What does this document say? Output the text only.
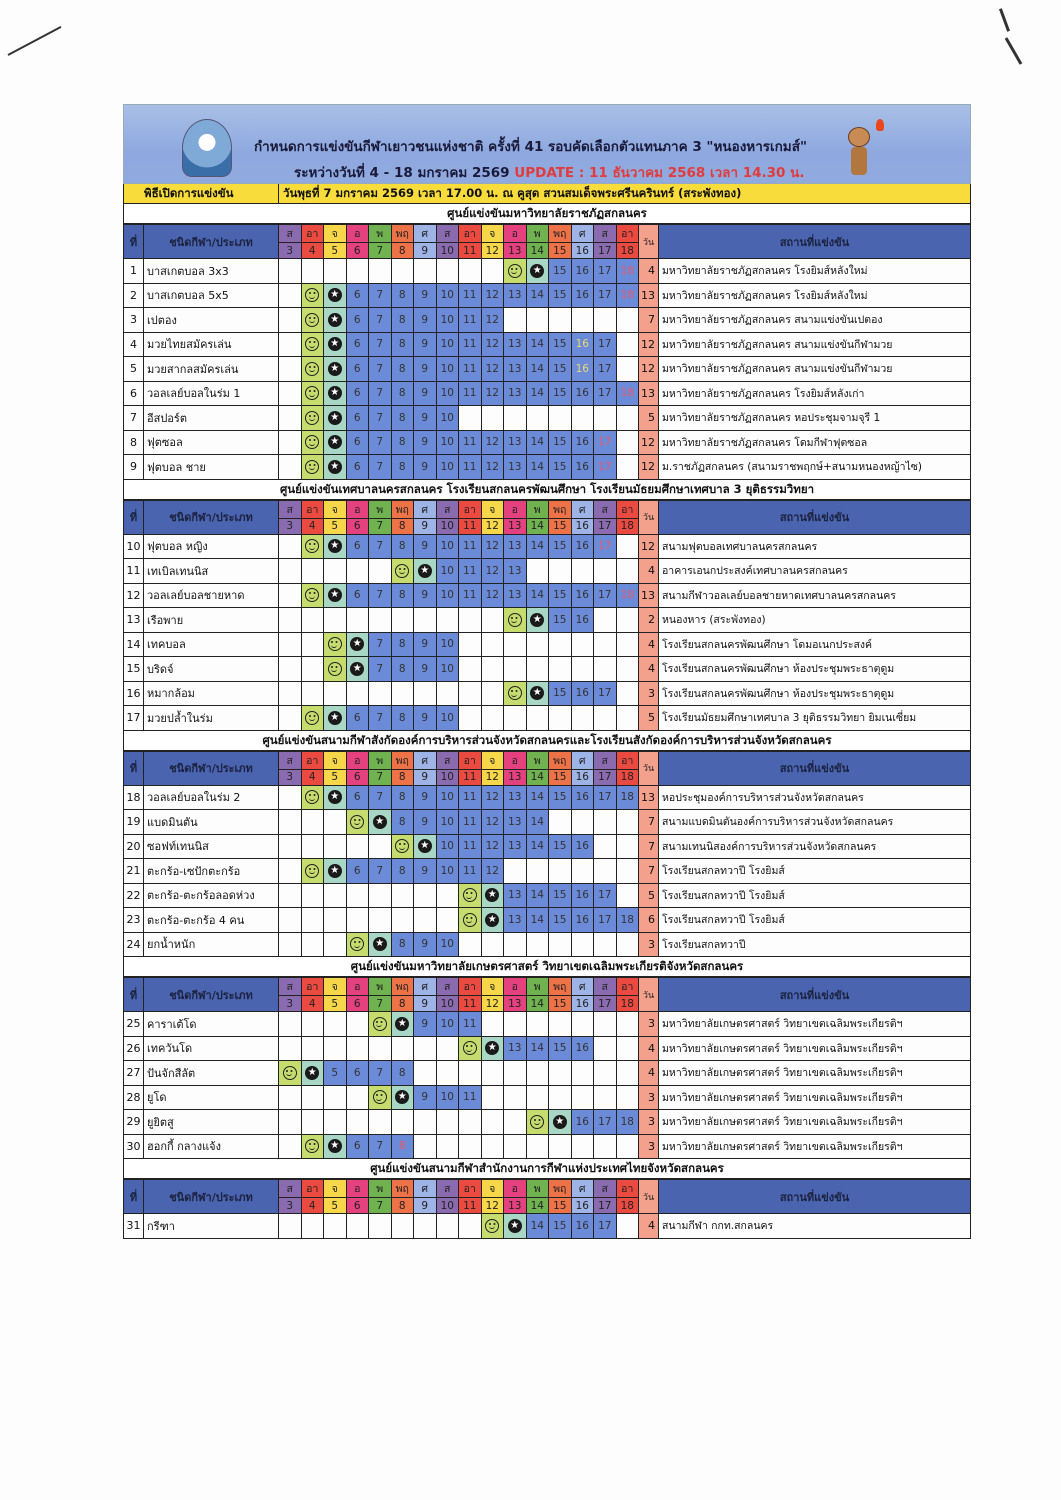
กำหนดการแข่งขันกีฬาเยาวชนแห่งชาติ ครั้งที่ 41 รอบคัดเลือกตัวแทนภาค 3 "หนองหารเกมส์"
ระหว่างวันที่ 4 - 18 มกราคม 2569 UPDATE : 11 ธันวาคม 2568 เวลา 14.30 น.
พิธีเปิดการแข่งขัน	วันพุธที่ 7 มกราคม 2569 เวลา 17.00 น. ณ คูสุด สวนสมเด็จพระศรีนครินทร์ (สระพังทอง)
ศูนย์แข่งขันมหาวิทยาลัยราชภัฏสกลนคร
ที่	ชนิดกีฬา/ประเภท	ส	อา	จ	อ	พ	พฤ	ศ	ส	อา	จ	อ	พ	พฤ	ศ	ส	อา	วัน	สถานที่แข่งขัน
		3	4	5	6	7	8	9	10	11	12	13	14	15	16	17	18		
1	บาสเกตบอล 3x3												★	15	16	17	18	4	มหาวิทยาลัยราชภัฏสกลนคร โรงยิมส์หลังใหม่
2	บาสเกตบอล 5x5			★	6	7	8	9	10	11	12	13	14	15	16	17	18	13	มหาวิทยาลัยราชภัฏสกลนคร โรงยิมส์หลังใหม่
3	เปตอง			★	6	7	8	9	10	11	12							7	มหาวิทยาลัยราชภัฏสกลนคร สนามแข่งขันเปตอง
4	มวยไทยสมัครเล่น			★	6	7	8	9	10	11	12	13	14	15	16	17		12	มหาวิทยาลัยราชภัฏสกลนคร สนามแข่งขันกีฬามวย
5	มวยสากลสมัครเล่น			★	6	7	8	9	10	11	12	13	14	15	16	17		12	มหาวิทยาลัยราชภัฏสกลนคร สนามแข่งขันกีฬามวย
6	วอลเลย์บอลในร่ม 1			★	6	7	8	9	10	11	12	13	14	15	16	17	18	13	มหาวิทยาลัยราชภัฏสกลนคร โรงยิมส์หลังเก่า
7	อีสปอร์ต			★	6	7	8	9	10									5	มหาวิทยาลัยราชภัฏสกลนคร หอประชุมจามจุรี 1
8	ฟุตซอล			★	6	7	8	9	10	11	12	13	14	15	16	17		12	มหาวิทยาลัยราชภัฏสกลนคร โดมกีฬาฟุตซอล
9	ฟุตบอล ชาย			★	6	7	8	9	10	11	12	13	14	15	16	17		12	ม.ราชภัฏสกลนคร (สนามราชพฤกษ์+สนามหนองหญ้าไซ)
ศูนย์แข่งขันเทศบาลนครสกลนคร โรงเรียนสกลนครพัฒนศึกษา โรงเรียนมัธยมศึกษาเทศบาล 3 ยุติธรรมวิทยา
ที่	ชนิดกีฬา/ประเภท	ส	อา	จ	อ	พ	พฤ	ศ	ส	อา	จ	อ	พ	พฤ	ศ	ส	อา	วัน	สถานที่แข่งขัน
		3	4	5	6	7	8	9	10	11	12	13	14	15	16	17	18		
10	ฟุตบอล หญิง			★	6	7	8	9	10	11	12	13	14	15	16	17		12	สนามฟุตบอลเทศบาลนครสกลนคร
11	เทเบิลเทนนิส							★	10	11	12	13						4	อาคารเอนกประสงค์เทศบาลนครสกลนคร
12	วอลเลย์บอลชายหาด			★	6	7	8	9	10	11	12	13	14	15	16	17	18	13	สนามกีฬาวอลเลย์บอลชายหาดเทศบาลนครสกลนคร
13	เรือพาย												★	15	16			2	หนองหาร (สระพังทอง)
14	เทคบอล				★	7	8	9	10									4	โรงเรียนสกลนครพัฒนศึกษา โดมอเนกประสงค์
15	บริดจ์				★	7	8	9	10									4	โรงเรียนสกลนครพัฒนศึกษา ห้องประชุมพระธาตุดูม
16	หมากล้อม												★	15	16	17		3	โรงเรียนสกลนครพัฒนศึกษา ห้องประชุมพระธาตุดูม
17	มวยปล้ำในร่ม			★	6	7	8	9	10									5	โรงเรียนมัธยมศึกษาเทศบาล 3 ยุติธรรมวิทยา ยิมเนเซี่ยม
ศูนย์แข่งขันสนามกีฬาสังกัดองค์การบริหารส่วนจังหวัดสกลนครและโรงเรียนสังกัดองค์การบริหารส่วนจังหวัดสกลนคร
ที่	ชนิดกีฬา/ประเภท	ส	อา	จ	อ	พ	พฤ	ศ	ส	อา	จ	อ	พ	พฤ	ศ	ส	อา	วัน	สถานที่แข่งขัน
		3	4	5	6	7	8	9	10	11	12	13	14	15	16	17	18		
18	วอลเลย์บอลในร่ม 2			★	6	7	8	9	10	11	12	13	14	15	16	17	18	13	หอประชุมองค์การบริหารส่วนจังหวัดสกลนคร
19	แบดมินตัน					★	8	9	10	11	12	13	14					7	สนามแบดมินตันองค์การบริหารส่วนจังหวัดสกลนคร
20	ซอฟท์เทนนิส							★	10	11	12	13	14	15	16			7	สนามเทนนิสองค์การบริหารส่วนจังหวัดสกลนคร
21	ตะกร้อ-เซปักตะกร้อ			★	6	7	8	9	10	11	12							7	โรงเรียนสกลทวาปี โรงยิมส์
22	ตะกร้อ-ตะกร้อลอดห่วง										★	13	14	15	16	17		5	โรงเรียนสกลทวาปี โรงยิมส์
23	ตะกร้อ-ตะกร้อ 4 คน										★	13	14	15	16	17	18	6	โรงเรียนสกลทวาปี โรงยิมส์
24	ยกน้ำหนัก					★	8	9	10									3	โรงเรียนสกลทวาปี
ศูนย์แข่งขันมหาวิทยาลัยเกษตรศาสตร์ วิทยาเขตเฉลิมพระเกียรติจังหวัดสกลนคร
ที่	ชนิดกีฬา/ประเภท	ส	อา	จ	อ	พ	พฤ	ศ	ส	อา	จ	อ	พ	พฤ	ศ	ส	อา	วัน	สถานที่แข่งขัน
		3	4	5	6	7	8	9	10	11	12	13	14	15	16	17	18		
25	คาราเต้โด						★	9	10	11								3	มหาวิทยาลัยเกษตรศาสตร์ วิทยาเขตเฉลิมพระเกียรติฯ
26	เทควันโด										★	13	14	15	16			4	มหาวิทยาลัยเกษตรศาสตร์ วิทยาเขตเฉลิมพระเกียรติฯ
27	ปันจักสีลัต		★	5	6	7	8											4	มหาวิทยาลัยเกษตรศาสตร์ วิทยาเขตเฉลิมพระเกียรติฯ
28	ยูโด						★	9	10	11								3	มหาวิทยาลัยเกษตรศาสตร์ วิทยาเขตเฉลิมพระเกียรติฯ
29	ยูยิตสู													★	16	17	18	3	มหาวิทยาลัยเกษตรศาสตร์ วิทยาเขตเฉลิมพระเกียรติฯ
30	ฮอกกี้ กลางแจ้ง			★	6	7	8											3	มหาวิทยาลัยเกษตรศาสตร์ วิทยาเขตเฉลิมพระเกียรติฯ
ศูนย์แข่งขันสนามกีฬาสำนักงานการกีฬาแห่งประเทศไทยจังหวัดสกลนคร
ที่	ชนิดกีฬา/ประเภท	ส	อา	จ	อ	พ	พฤ	ศ	ส	อา	จ	อ	พ	พฤ	ศ	ส	อา	วัน	สถานที่แข่งขัน
		3	4	5	6	7	8	9	10	11	12	13	14	15	16	17	18		
31	กรีฑา											★	14	15	16	17		4	สนามกีฬา กกท.สกลนคร
